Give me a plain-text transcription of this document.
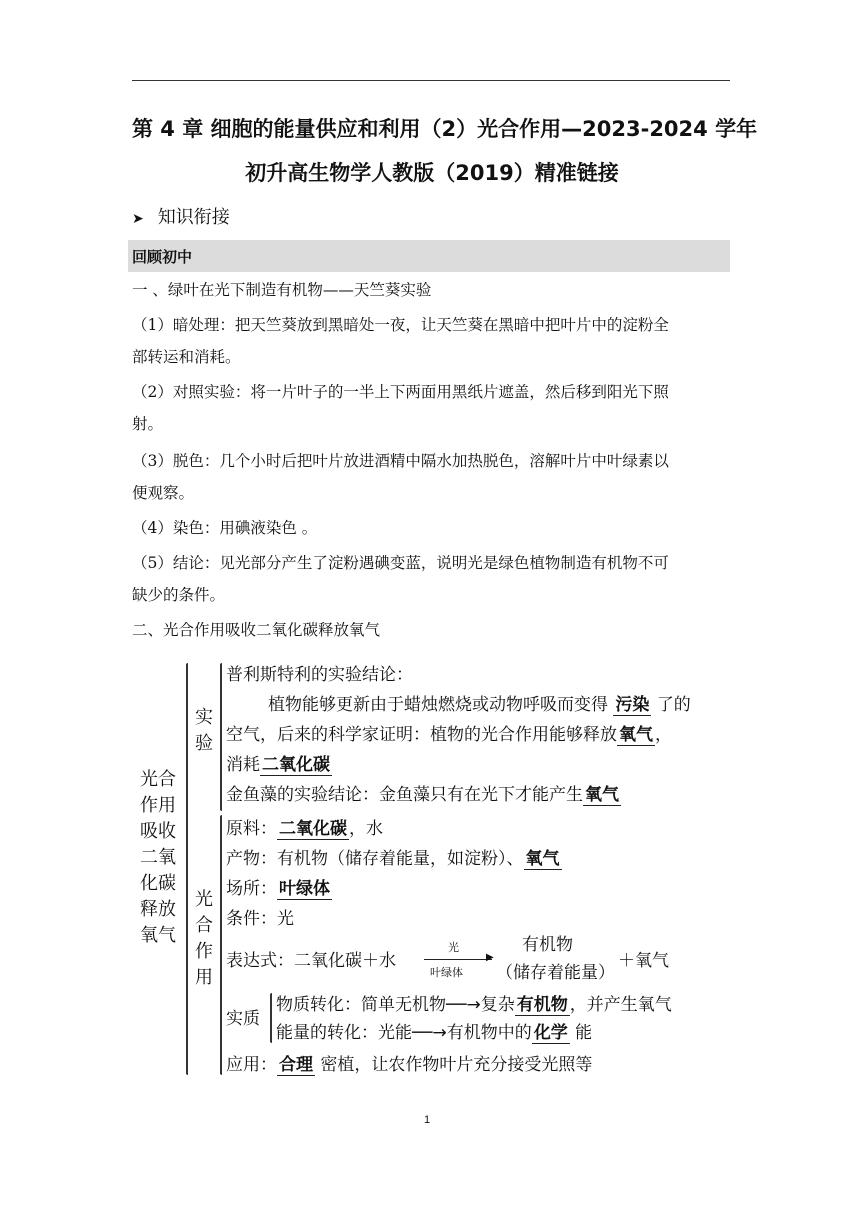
第 4 章 细胞的能量供应和利用（2）光合作用—2023-2024 学年
初升高生物学人教版（2019）精准链接
➤ 知识衔接
回顾初中
一 、绿叶在光下制造有机物——天竺葵实验
（1）暗处理：把天竺葵放到黑暗处一夜，让天竺葵在黑暗中把叶片中的淀粉全
部转运和消耗。
（2）对照实验：将一片叶子的一半上下两面用黑纸片遮盖，然后移到阳光下照
射。
（3）脱色：几个小时后把叶片放进酒精中隔水加热脱色，溶解叶片中叶绿素以
便观察。
（4）染色：用碘液染色 。
（5）结论：见光部分产生了淀粉遇碘变蓝，说明光是绿色植物制造有机物不可
缺少的条件。
二、光合作用吸收二氧化碳释放氧气
光合作用吸收二氧化碳释放氧气
实验
光合作用
普利斯特利的实验结论：
植物能够更新由于蜡烛燃烧或动物呼吸而变得 污染 了的
空气，后来的科学家证明：植物的光合作用能够释放 氧气 ，
消耗 二氧化碳
金鱼藻的实验结论：金鱼藻只有在光下才能产生 氧气
原料： 二氧化碳 ，水
产物：有机物（储存着能量，如淀粉）、 氧气
场所： 叶绿体
条件：光
表达式：二氧化碳＋水
光
▶
叶绿体
有机物
（储存着能量）
＋氧气
实质
物质转化：简单无机物──→复杂 有机物 ，并产生氧气
能量的转化：光能──→有机物中的 化学 能
应用： 合理 密植，让农作物叶片充分接受光照等
1
